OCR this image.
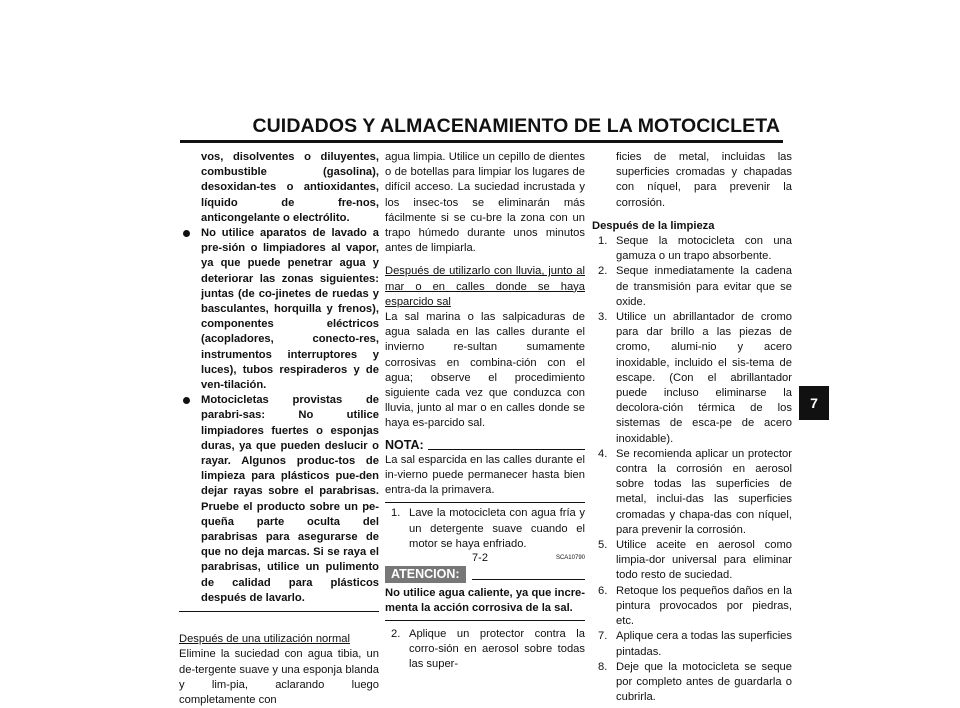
CUIDADOS Y ALMACENAMIENTO DE LA MOTOCICLETA

vos, disolventes o diluyentes, combustible (gasolina), desoxidan-tes o antioxidantes, líquido de fre-nos, anticongelante o electrólito.

No utilice aparatos de lavado a pre-sión o limpiadores al vapor, ya que puede penetrar agua y deteriorar las zonas siguientes: juntas (de co-jinetes de ruedas y basculantes, horquilla y frenos), componentes eléctricos (acopladores, conecto-res, instrumentos interruptores y luces), tubos respiraderos y de ven-tilación.
Motocicletas provistas de parabri-sas: No utilice limpiadores fuertes o esponjas duras, ya que pueden deslucir o rayar. Algunos produc-tos de limpieza para plásticos pue-den dejar rayas sobre el parabrisas. Pruebe el producto sobre un pe-queña parte oculta del parabrisas para asegurarse de que no deja marcas. Si se raya el parabrisas, utilice un pulimento de calidad para plásticos después de lavarlo.

Después de una utilización normal

Elimine la suciedad con agua tibia, un de-tergente suave y una esponja blanda y lim-pia, aclarando luego completamente con

agua limpia. Utilice un cepillo de dientes o de botellas para limpiar los lugares de difícil acceso. La suciedad incrustada y los insec-tos se eliminarán más fácilmente si se cu-bre la zona con un trapo húmedo durante unos minutos antes de limpiarla.

Después de utilizarlo con lluvia, junto al mar o en calles donde se haya esparcido sal

La sal marina o las salpicaduras de agua salada en las calles durante el invierno re-sultan sumamente corrosivas en combina-ción con el agua; observe el procedimiento siguiente cada vez que conduzca con lluvia, junto al mar o en calles donde se haya es-parcido sal.

NOTA:

La sal esparcida en las calles durante el in-vierno puede permanecer hasta bien entra-da la primavera.

1. Lave la motocicleta con agua fría y un detergente suave cuando el motor se haya enfriado.
SCA10790
ATENCION:

No utilice agua caliente, ya que incre-menta la acción corrosiva de la sal.

2. Aplique un protector contra la corro-sión en aerosol sobre todas las super-

ficies de metal, incluidas las superficies cromadas y chapadas con níquel, para prevenir la corrosión.

Después de la limpieza

1. Seque la motocicleta con una gamuza o un trapo absorbente.
2. Seque inmediatamente la cadena de transmisión para evitar que se oxide.
3. Utilice un abrillantador de cromo para dar brillo a las piezas de cromo, alumi-nio y acero inoxidable, incluido el sis-tema de escape. (Con el abrillantador puede incluso eliminarse la decolora-ción térmica de los sistemas de esca-pe de acero inoxidable).
4. Se recomienda aplicar un protector contra la corrosión en aerosol sobre todas las superficies de metal, inclui-das las superficies cromadas y chapa-das con níquel, para prevenir la corrosión.
5. Utilice aceite en aerosol como limpia-dor universal para eliminar todo resto de suciedad.
6. Retoque los pequeños daños en la pintura provocados por piedras, etc.
7. Aplique cera a todas las superficies pintadas.
8. Deje que la motocicleta se seque por completo antes de guardarla o cubrirla.
7
7-2
